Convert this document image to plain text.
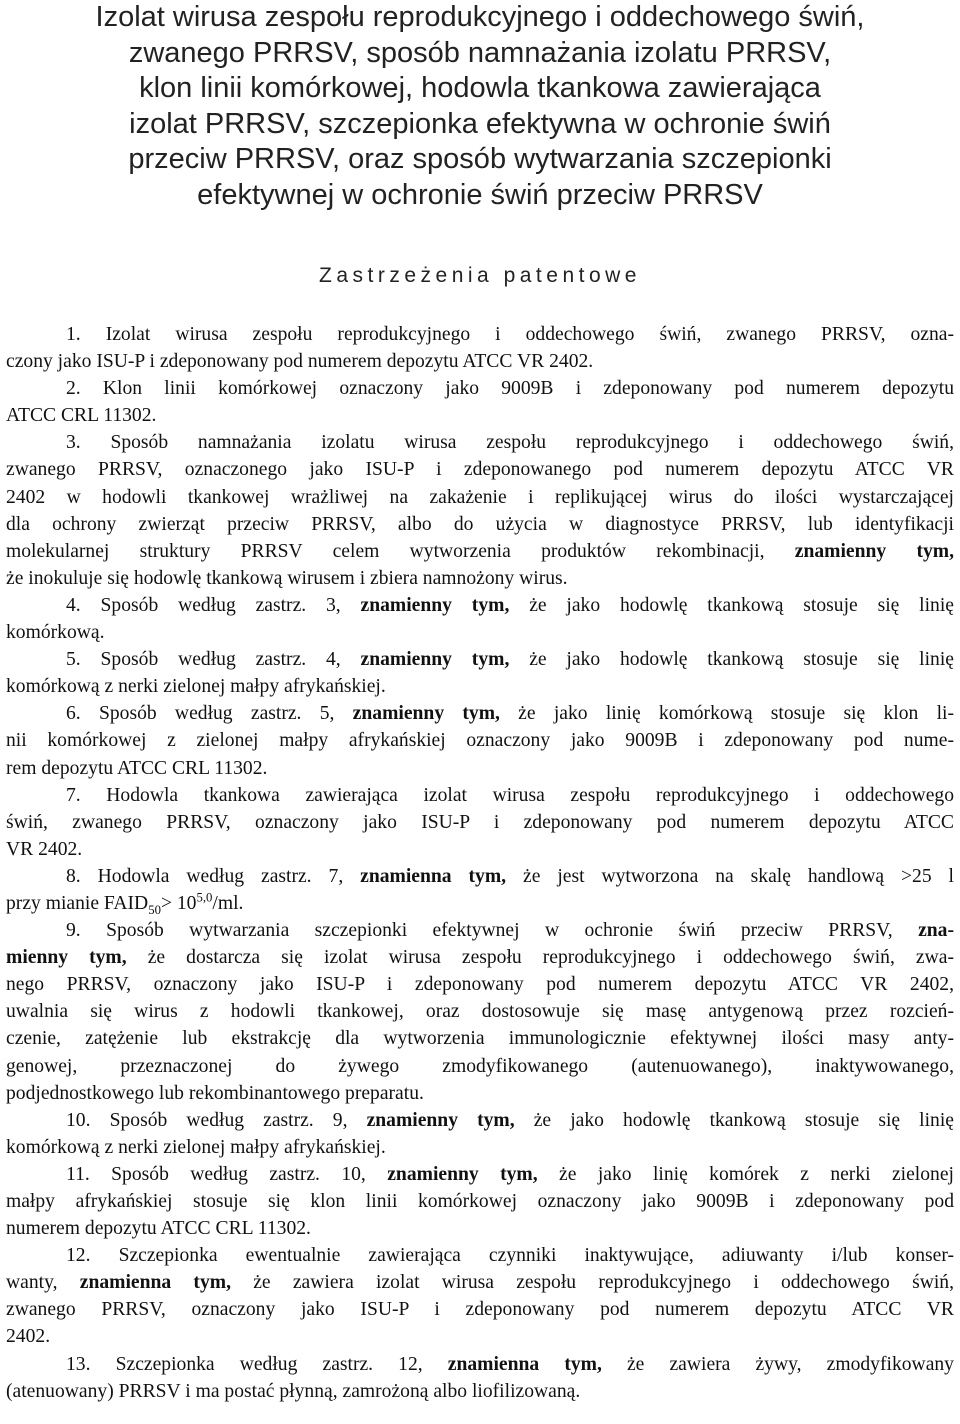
Izolat wirusa zespołu reprodukcyjnego i oddechowego świń,
zwanego PRRSV, sposób namnażania izolatu PRRSV,
klon linii komórkowej, hodowla tkankowa zawierająca
izolat PRRSV, szczepionka efektywna w ochronie świń
przeciw PRRSV, oraz sposób wytwarzania szczepionki
efektywnej w ochronie świń przeciw PRRSV
Zastrzeżenia patentowe
1. Izolat wirusa zespołu reprodukcyjnego i oddechowego świń, zwanego PRRSV, ozna-
czony jako ISU-P i zdeponowany pod numerem depozytu ATCC VR 2402.
2. Klon linii komórkowej oznaczony jako 9009B i zdeponowany pod numerem depozytu
ATCC CRL 11302.
3. Sposób namnażania izolatu wirusa zespołu reprodukcyjnego i oddechowego świń,
zwanego PRRSV, oznaczonego jako ISU-P i zdeponowanego pod numerem depozytu ATCC VR
2402 w hodowli tkankowej wrażliwej na zakażenie i replikującej wirus do ilości wystarczającej
dla ochrony zwierząt przeciw PRRSV, albo do użycia w diagnostyce PRRSV, lub identyfikacji
molekularnej struktury PRRSV celem wytworzenia produktów rekombinacji, znamienny tym,
że inokuluje się hodowlę tkankową wirusem i zbiera namnożony wirus.
4. Sposób według zastrz. 3, znamienny tym, że jako hodowlę tkankową stosuje się linię
komórkową.
5. Sposób według zastrz. 4, znamienny tym, że jako hodowlę tkankową stosuje się linię
komórkową z nerki zielonej małpy afrykańskiej.
6. Sposób według zastrz. 5, znamienny tym, że jako linię komórkową stosuje się klon li-
nii komórkowej z zielonej małpy afrykańskiej oznaczony jako 9009B i zdeponowany pod nume-
rem depozytu ATCC CRL 11302.
7. Hodowla tkankowa zawierająca izolat wirusa zespołu reprodukcyjnego i oddechowego
świń, zwanego PRRSV, oznaczony jako ISU-P i zdeponowany pod numerem depozytu ATCC
VR 2402.
8. Hodowla według zastrz. 7, znamienna tym, że jest wytworzona na skalę handlową >25 l
przy mianie $FAID_{50}> 10^{5,0}/ml$.
9. Sposób wytwarzania szczepionki efektywnej w ochronie świń przeciw PRRSV, zna-
mienny tym, że dostarcza się izolat wirusa zespołu reprodukcyjnego i oddechowego świń, zwa-
nego PRRSV, oznaczony jako ISU-P i zdeponowany pod numerem depozytu ATCC VR 2402,
uwalnia się wirus z hodowli tkankowej, oraz dostosowuje się masę antygenową przez rozcień-
czenie, zatężenie lub ekstrakcję dla wytworzenia immunologicznie efektywnej ilości masy anty-
genowej, przeznaczonej do żywego zmodyfikowanego (autenuowanego), inaktywowanego,
podjednostkowego lub rekombinantowego preparatu.
10. Sposób według zastrz. 9, znamienny tym, że jako hodowlę tkankową stosuje się linię
komórkową z nerki zielonej małpy afrykańskiej.
11. Sposób według zastrz. 10, znamienny tym, że jako linię komórek z nerki zielonej
małpy afrykańskiej stosuje się klon linii komórkowej oznaczony jako 9009B i zdeponowany pod
numerem depozytu ATCC CRL 11302.
12. Szczepionka ewentualnie zawierająca czynniki inaktywujące, adiuwanty i/lub konser-
wanty, znamienna tym, że zawiera izolat wirusa zespołu reprodukcyjnego i oddechowego świń,
zwanego PRRSV, oznaczony jako ISU-P i zdeponowany pod numerem depozytu ATCC VR
2402.
13. Szczepionka według zastrz. 12, znamienna tym, że zawiera żywy, zmodyfikowany
(atenuowany) PRRSV i ma postać płynną, zamrożoną albo liofilizowaną.
